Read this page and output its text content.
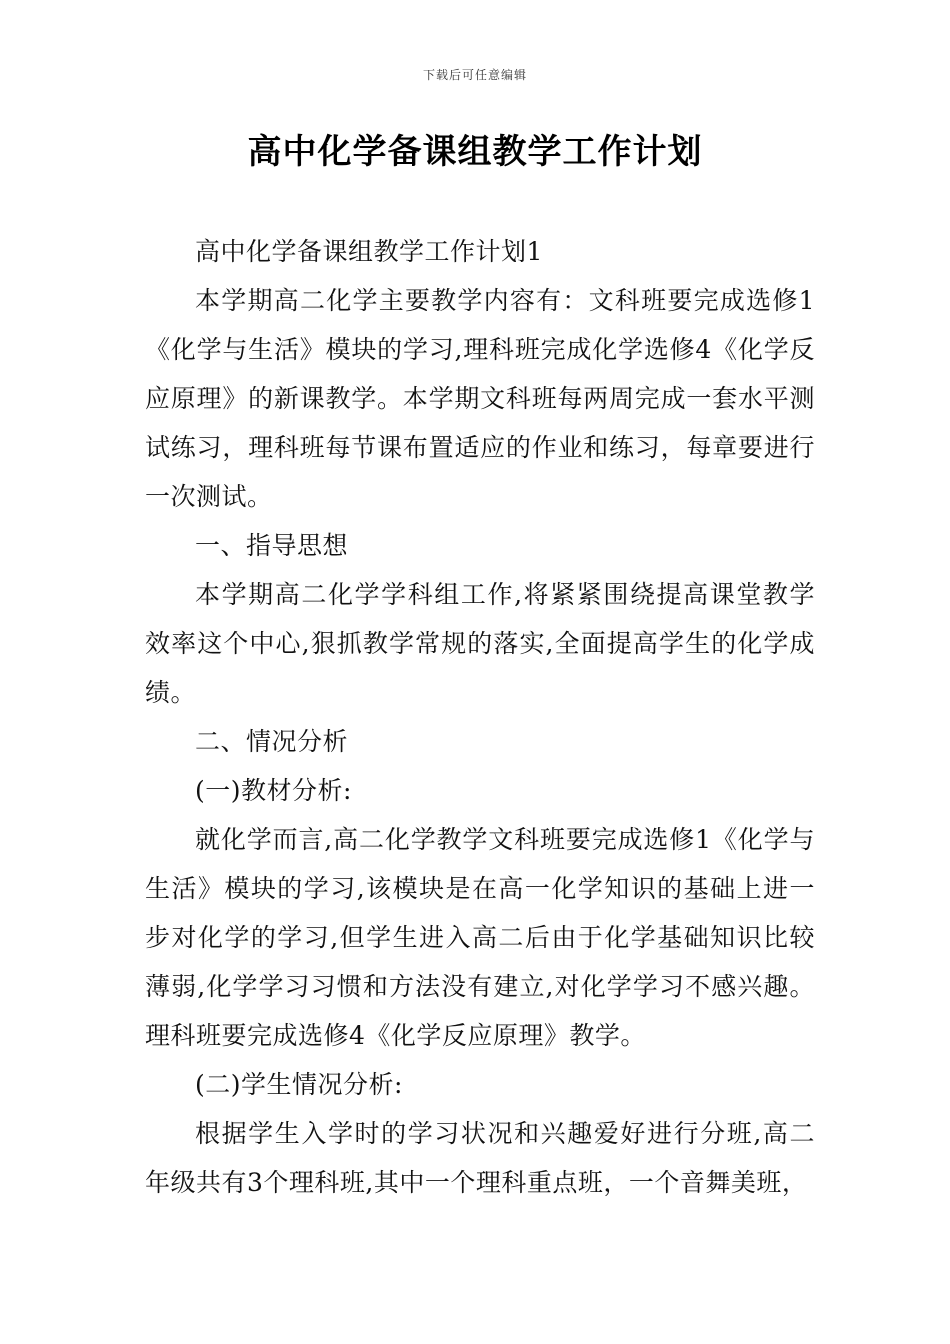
下载后可任意编辑
高中化学备课组教学工作计划

高中化学备课组教学工作计划1

本学期高二化学主要教学内容有：文科班要完成选修1《化学与生活》模块的学习,理科班完成化学选修4《化学反应原理》的新课教学。本学期文科班每两周完成一套水平测试练习，理科班每节课布置适应的作业和练习，每章要进行一次测试。

一、指导思想

本学期高二化学学科组工作,将紧紧围绕提高课堂教学效率这个中心,狠抓教学常规的落实,全面提高学生的化学成绩。

二、情况分析

(一)教材分析:

就化学而言,高二化学教学文科班要完成选修1《化学与生活》模块的学习,该模块是在高一化学知识的基础上进一步对化学的学习,但学生进入高二后由于化学基础知识比较薄弱,化学学习习惯和方法没有建立,对化学学习不感兴趣。理科班要完成选修4《化学反应原理》教学。

(二)学生情况分析:

根据学生入学时的学习状况和兴趣爱好进行分班,高二年级共有3个理科班,其中一个理科重点班，一个音舞美班，
